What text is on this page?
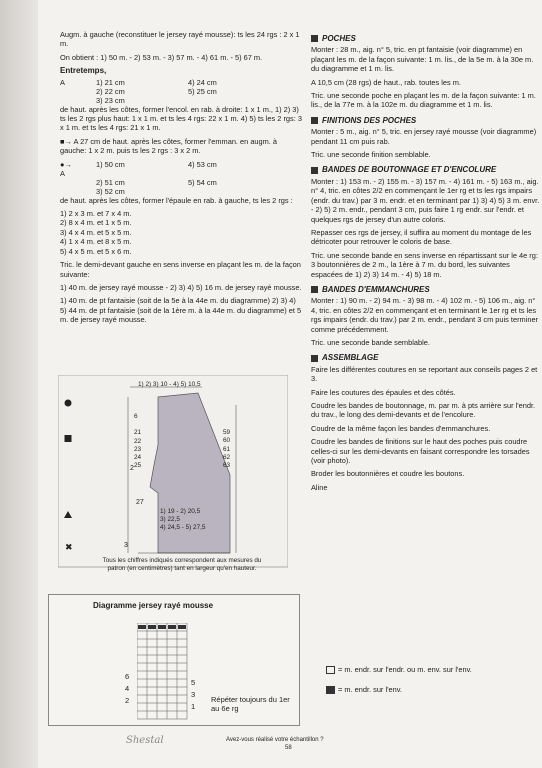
Augm. à gauche (reconstituer le jersey rayé mousse): ts les 24 rgs : 2 x 1 m.

On obtient : 1) 50 m. - 2) 53 m. - 3) 57 m. - 4) 61 m. - 5) 67 m.

Entretemps,
A	1) 21 cm	4) 24 cm
2) 22 cm	5) 25 cm
3) 23 cm

de haut. après les côtes, former l'encol. en rab. à droite: 1 x 1 m., 1) 2) 3) ts les 2 rgs plus haut: 1 x 1 m. et ts les 4 rgs: 22 x 1 m. 4) 5) ts les 2 rgs: 3 x 1 m. et ts les 4 rgs: 21 x 1 m.

■→ A 27 cm de haut. après les côtes, former l'emman. en augm. à gauche: 1 x 2 m. puis ts les 2 rgs : 3 x 2 m.

●→ A
1) 50 cm	4) 53 cm
2) 51 cm	5) 54 cm
3) 52 cm

de haut. après les côtes, former l'épaule en rab. à gauche, ts les 2 rgs :

1) 2 x 3 m. et 7 x 4 m.

2) 8 x 4 m. et 1 x 5 m.

3) 4 x 4 m. et 5 x 5 m.

4) 1 x 4 m. et 8 x 5 m.

5) 4 x 5 m. et 5 x 6 m.

Tric. le demi-devant gauche en sens inverse en plaçant les m. de la façon suivante:

1) 40 m. de jersey rayé mousse - 2) 3) 4) 5) 16 m. de jersey rayé mousse.

1) 40 m. de pt fantaisie (soit de la 5e à la 44e m. du diagramme) 2) 3) 4) 5) 44 m. de pt fantaisie (soit de la 1ère m. à la 44e m. du diagramme) et 5 m. de jersey rayé mousse.

✖
1) 2) 3) 10 - 4) 5) 10,5
6
21
22
23
24
25
59
60
61
62
63
2
27
3
1) 19 - 2) 20,5
3) 22,5
4) 24,5 - 5) 27,5
Tous les chiffres indiqués correspondent aux mesures du patron (en centimètres) tant en largeur qu'en hauteur.
Diagramme jersey rayé mousse
6
4
2
5
3
1
Répéter toujours du 1er au 6e rg
POCHES

Monter : 28 m., aig. n° 5, tric. en pt fantaisie (voir diagramme) en plaçant les m. de la façon suivante: 1 m. lis., de la 5e m. à la 30e m. du diagramme et 1 m. lis.

A 10,5 cm (28 rgs) de haut., rab. toutes les m.

Tric. une seconde poche en plaçant les m. de la façon suivante: 1 m. lis., de la 77e m. à la 102e m. du diagramme et 1 m. lis.

FINITIONS DES POCHES

Monter : 5 m., aig. n° 5, tric. en jersey rayé mousse (voir diagramme) pendant 11 cm puis rab.

Tric. une seconde finition semblable.

BANDES DE BOUTONNAGE ET D'ENCOLURE

Monter : 1) 153 m. - 2) 155 m. - 3) 157 m. - 4) 161 m. - 5) 163 m., aig. n° 4, tric. en côtes 2/2 en commençant le 1er rg et ts les rgs impairs (endr. du trav.) par 3 m. endr. et en terminant par 1) 3) 4) 5) 3 m. envr. - 2) 5) 2 m. endr., pendant 3 cm, puis faire 1 rg endr. sur l'endr. et quelques rgs de jersey d'un autre coloris.

Repasser ces rgs de jersey, il suffira au moment du montage de les détricoter pour retrouver le coloris de base.

Tric. une seconde bande en sens inverse en répartissant sur le 4e rg: 3 boutonnières de 2 m., la 1ère à 7 m. du bord, les suivantes espacées de 1) 2) 3) 14 m. - 4) 5) 18 m.

BANDES D'EMMANCHURES

Monter : 1) 90 m. - 2) 94 m. - 3) 98 m. - 4) 102 m. - 5) 106 m., aig. n° 4, tric. en côtes 2/2 en commençant et en terminant le 1er rg et ts les rgs impairs (endr. du trav.) par 2 m. endr., pendant 3 cm puis terminer comme précédemment.

Tric. une seconde bande semblable.

ASSEMBLAGE

Faire les différentes coutures en se reportant aux conseils pages 2 et 3.

Faire les coutures des épaules et des côtés.

Coudre les bandes de boutonnage, m. par m. à pts arrière sur l'endr. du trav., le long des demi-devants et de l'encolure.

Coudre de la même façon les bandes d'emmanchures.

Coudre les bandes de finitions sur le haut des poches puis coudre celles-ci sur les demi-devants en faisant correspondre les torsades (voir photo).

Broder les boutonnières et coudre les boutons.

Aline

= m. endr. sur l'endr. ou m. env. sur l'env.
= m. endr. sur l'env.
Shestal	Avez-vous réalisé votre échantillon ?
58
